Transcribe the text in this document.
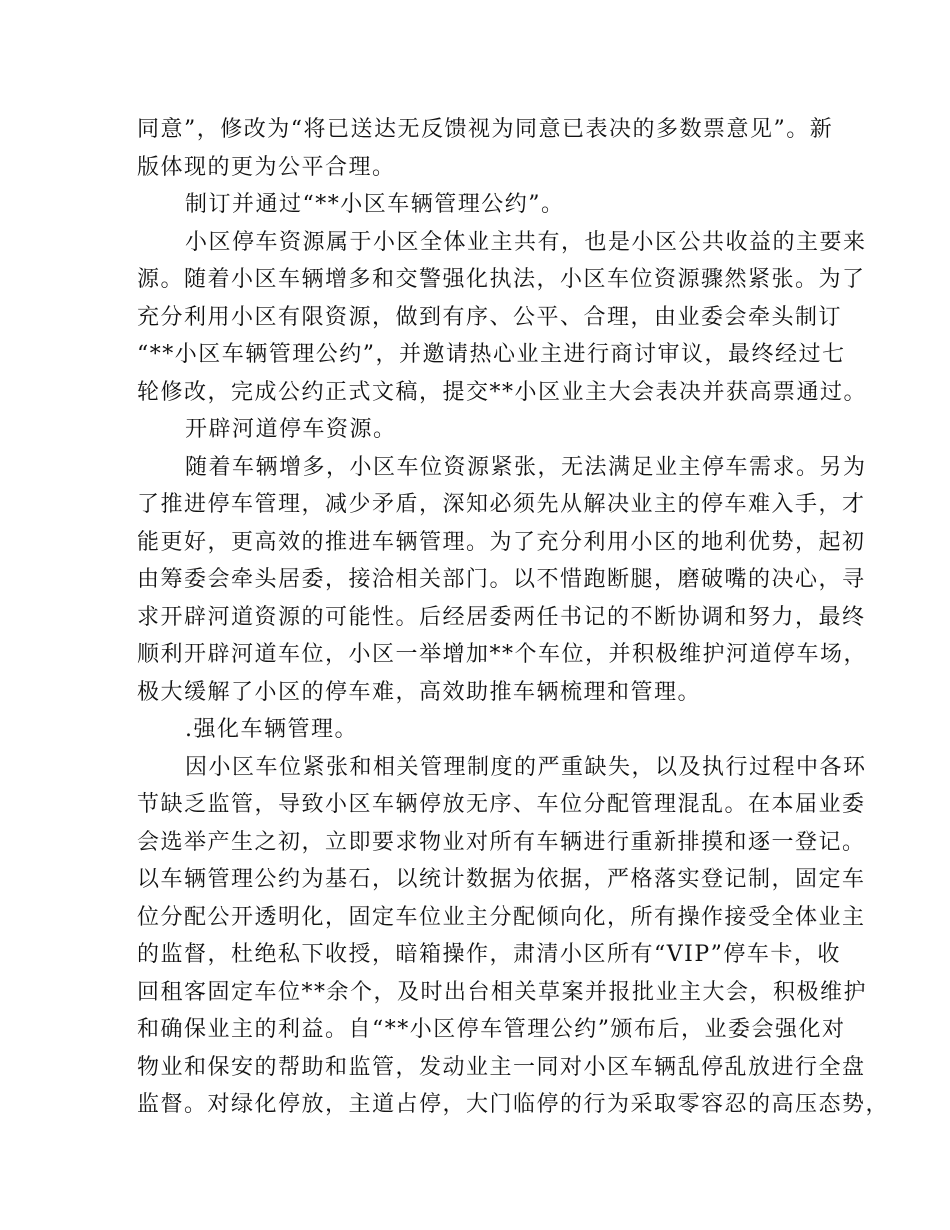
同意”，修改为“将已送达无反馈视为同意已表决的多数票意见”。新
版体现的更为公平合理。
制订并通过“**小区车辆管理公约”。
小区停车资源属于小区全体业主共有，也是小区公共收益的主要来
源。随着小区车辆增多和交警强化执法，小区车位资源骤然紧张。为了
充分利用小区有限资源，做到有序、公平、合理，由业委会牵头制订
“**小区车辆管理公约”，并邀请热心业主进行商讨审议，最终经过七
轮修改，完成公约正式文稿，提交**小区业主大会表决并获高票通过。
开辟河道停车资源。
随着车辆增多，小区车位资源紧张，无法满足业主停车需求。另为
了推进停车管理，减少矛盾，深知必须先从解决业主的停车难入手，才
能更好，更高效的推进车辆管理。为了充分利用小区的地利优势，起初
由筹委会牵头居委，接洽相关部门。以不惜跑断腿，磨破嘴的决心，寻
求开辟河道资源的可能性。后经居委两任书记的不断协调和努力，最终
顺利开辟河道车位，小区一举增加**个车位，并积极维护河道停车场，
极大缓解了小区的停车难，高效助推车辆梳理和管理。
.强化车辆管理。
因小区车位紧张和相关管理制度的严重缺失，以及执行过程中各环
节缺乏监管，导致小区车辆停放无序、车位分配管理混乱。在本届业委
会选举产生之初，立即要求物业对所有车辆进行重新排摸和逐一登记。
以车辆管理公约为基石，以统计数据为依据，严格落实登记制，固定车
位分配公开透明化，固定车位业主分配倾向化，所有操作接受全体业主
的监督，杜绝私下收授，暗箱操作，肃清小区所有“VIP”停车卡，收
回租客固定车位**余个，及时出台相关草案并报批业主大会，积极维护
和确保业主的利益。自“**小区停车管理公约”颁布后，业委会强化对
物业和保安的帮助和监管，发动业主一同对小区车辆乱停乱放进行全盘
监督。对绿化停放，主道占停，大门临停的行为采取零容忍的高压态势，
